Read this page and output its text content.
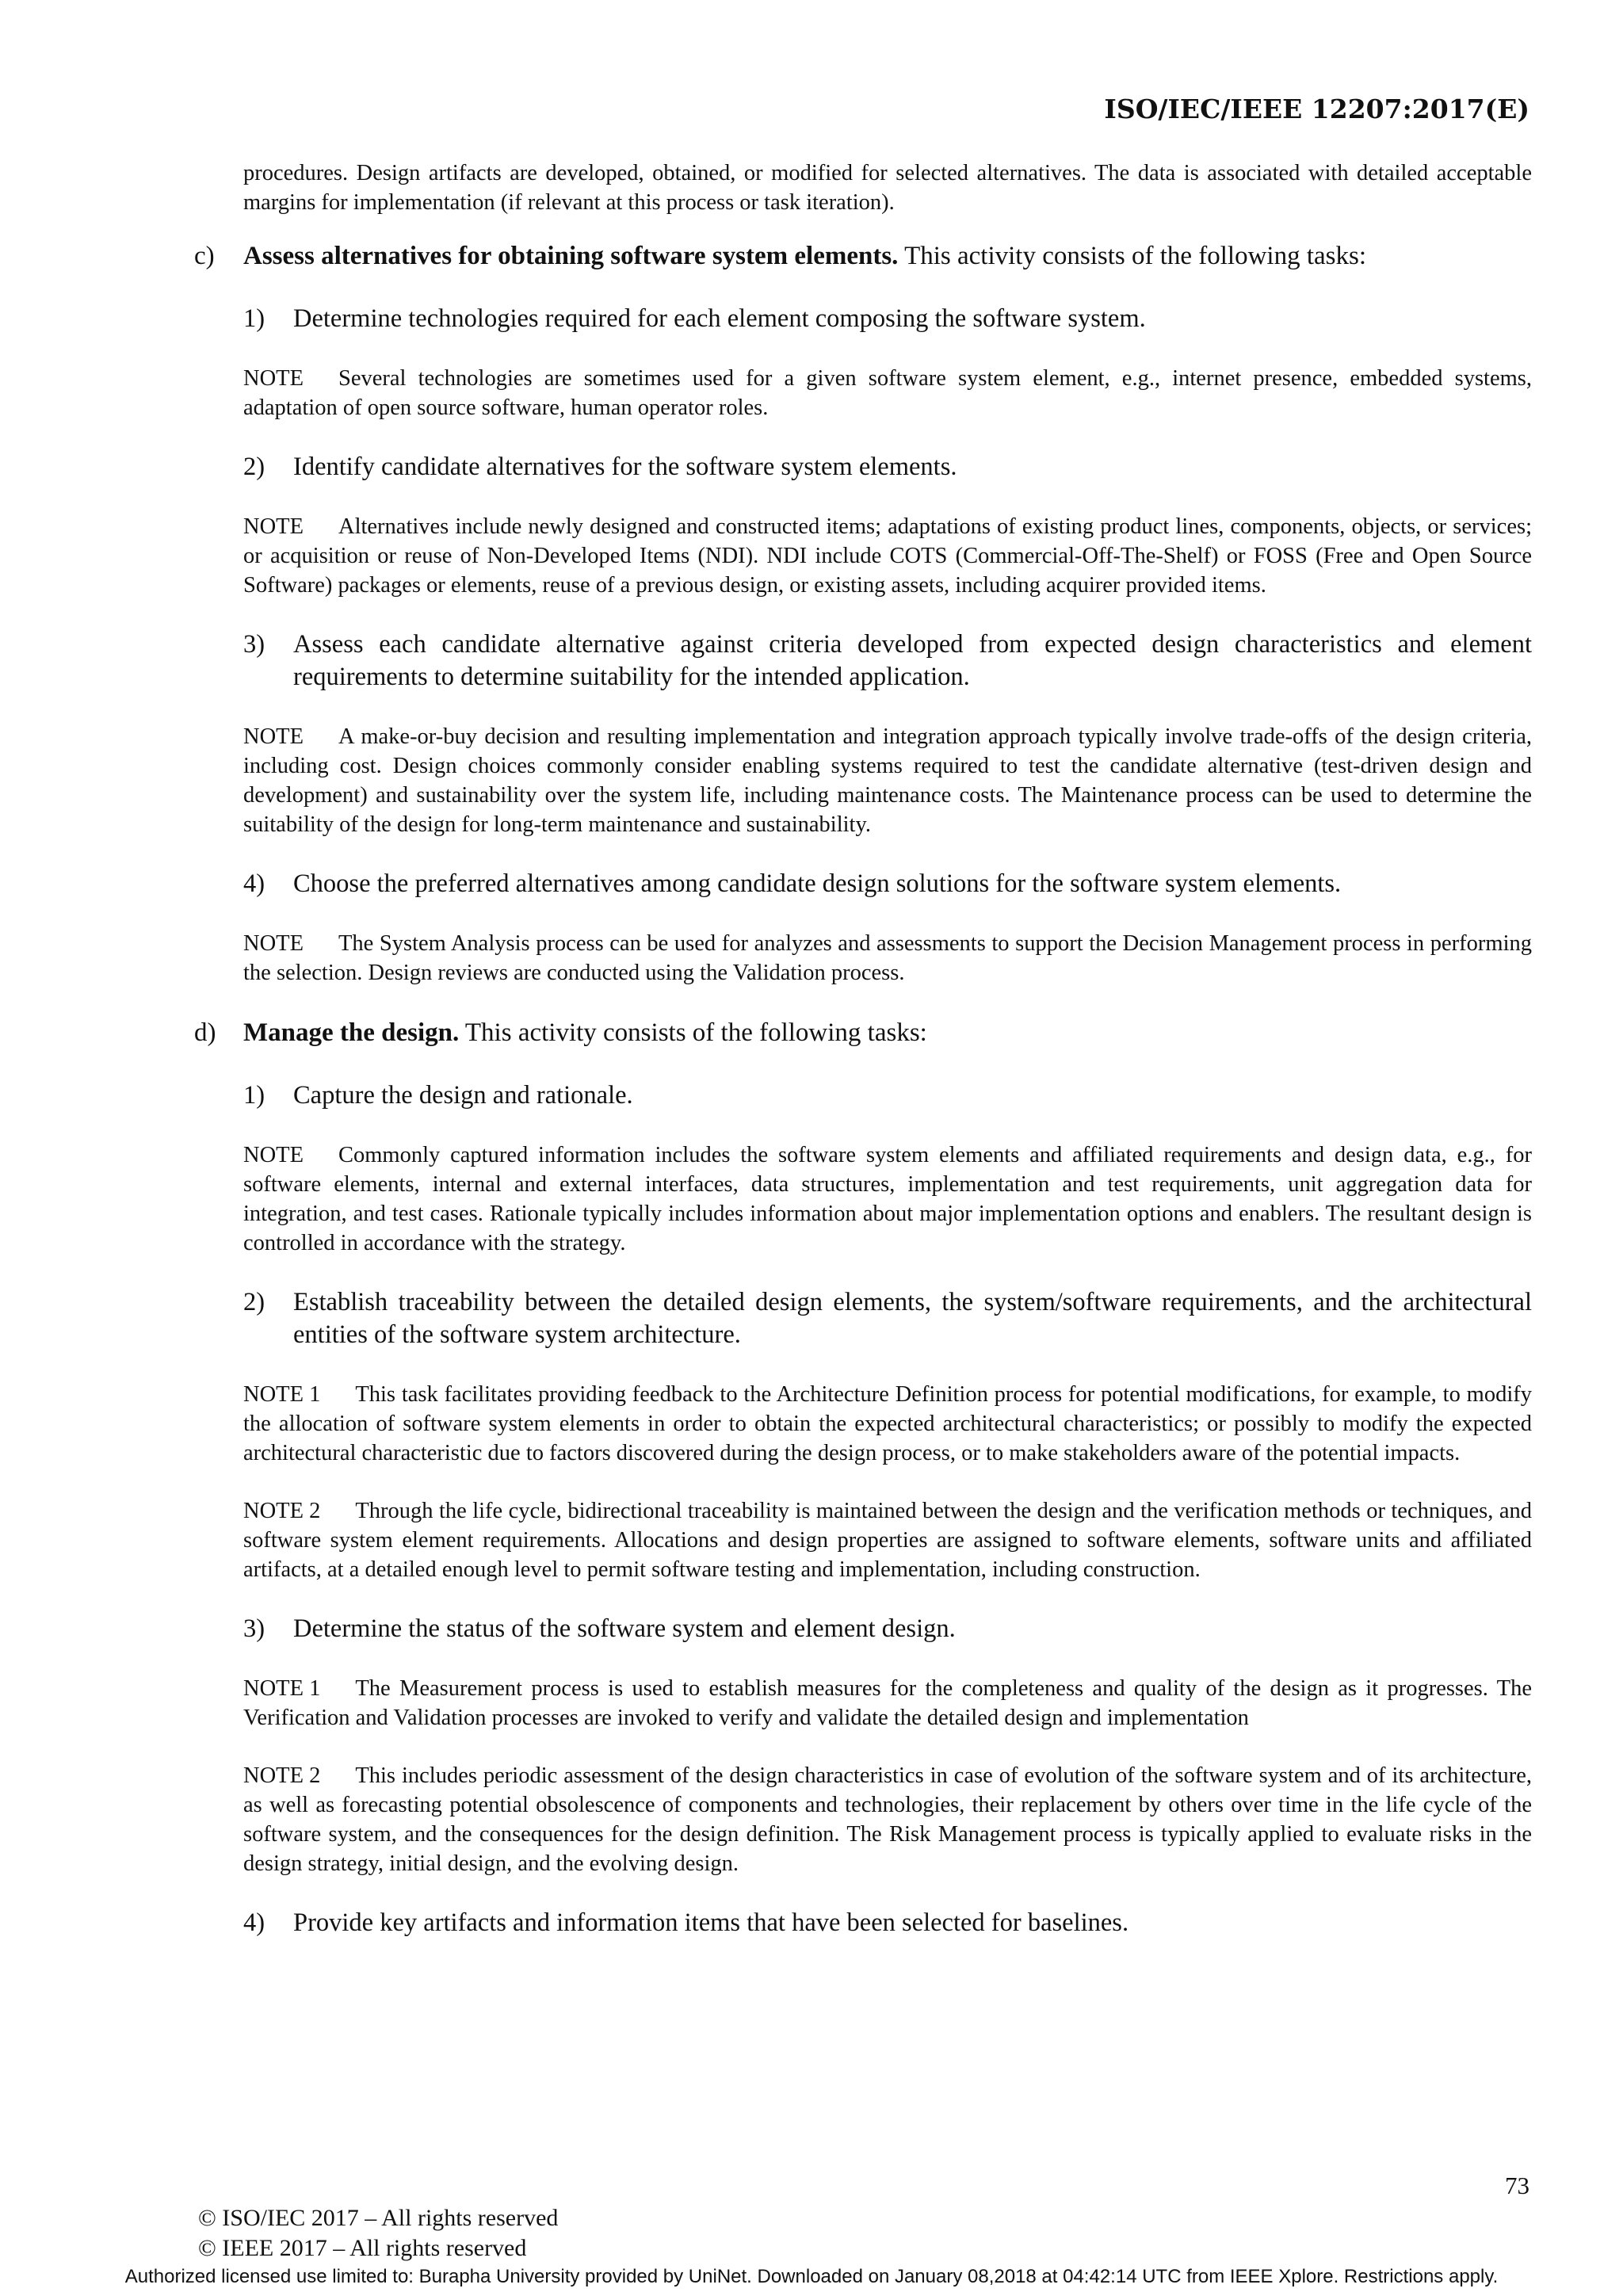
ISO/IEC/IEEE 12207:2017(E)

procedures. Design artifacts are developed, obtained, or modified for selected alternatives. The data is associated with detailed acceptable margins for implementation (if relevant at this process or task iteration).

c) Assess alternatives for obtaining software system elements. This activity consists of the following tasks:
1) Determine technologies required for each element composing the software system.

NOTE Several technologies are sometimes used for a given software system element, e.g., internet presence, embedded systems, adaptation of open source software, human operator roles.

2) Identify candidate alternatives for the software system elements.

NOTE Alternatives include newly designed and constructed items; adaptations of existing product lines, components, objects, or services; or acquisition or reuse of Non-Developed Items (NDI). NDI include COTS (Commercial-Off-The-Shelf) or FOSS (Free and Open Source Software) packages or elements, reuse of a previous design, or existing assets, including acquirer provided items.

3) Assess each candidate alternative against criteria developed from expected design characteristics and element requirements to determine suitability for the intended application.

NOTE A make-or-buy decision and resulting implementation and integration approach typically involve trade-offs of the design criteria, including cost. Design choices commonly consider enabling systems required to test the candidate alternative (test-driven design and development) and sustainability over the system life, including maintenance costs. The Maintenance process can be used to determine the suitability of the design for long-term maintenance and sustainability.

4) Choose the preferred alternatives among candidate design solutions for the software system elements.

NOTE The System Analysis process can be used for analyzes and assessments to support the Decision Management process in performing the selection. Design reviews are conducted using the Validation process.

d) Manage the design. This activity consists of the following tasks:
1) Capture the design and rationale.

NOTE Commonly captured information includes the software system elements and affiliated requirements and design data, e.g., for software elements, internal and external interfaces, data structures, implementation and test requirements, unit aggregation data for integration, and test cases. Rationale typically includes information about major implementation options and enablers. The resultant design is controlled in accordance with the strategy.

2) Establish traceability between the detailed design elements, the system/software requirements, and the architectural entities of the software system architecture.

NOTE 1 This task facilitates providing feedback to the Architecture Definition process for potential modifications, for example, to modify the allocation of software system elements in order to obtain the expected architectural characteristics; or possibly to modify the expected architectural characteristic due to factors discovered during the design process, or to make stakeholders aware of the potential impacts.

NOTE 2 Through the life cycle, bidirectional traceability is maintained between the design and the verification methods or techniques, and software system element requirements. Allocations and design properties are assigned to software elements, software units and affiliated artifacts, at a detailed enough level to permit software testing and implementation, including construction.

3) Determine the status of the software system and element design.

NOTE 1 The Measurement process is used to establish measures for the completeness and quality of the design as it progresses. The Verification and Validation processes are invoked to verify and validate the detailed design and implementation

NOTE 2 This includes periodic assessment of the design characteristics in case of evolution of the software system and of its architecture, as well as forecasting potential obsolescence of components and technologies, their replacement by others over time in the life cycle of the software system, and the consequences for the design definition. The Risk Management process is typically applied to evaluate risks in the design strategy, initial design, and the evolving design.

4) Provide key artifacts and information items that have been selected for baselines.
73
© ISO/IEC 2017 – All rights reserved
© IEEE 2017 – All rights reserved
Authorized licensed use limited to: Burapha University provided by UniNet. Downloaded on January 08,2018 at 04:42:14 UTC from IEEE Xplore. Restrictions apply.
